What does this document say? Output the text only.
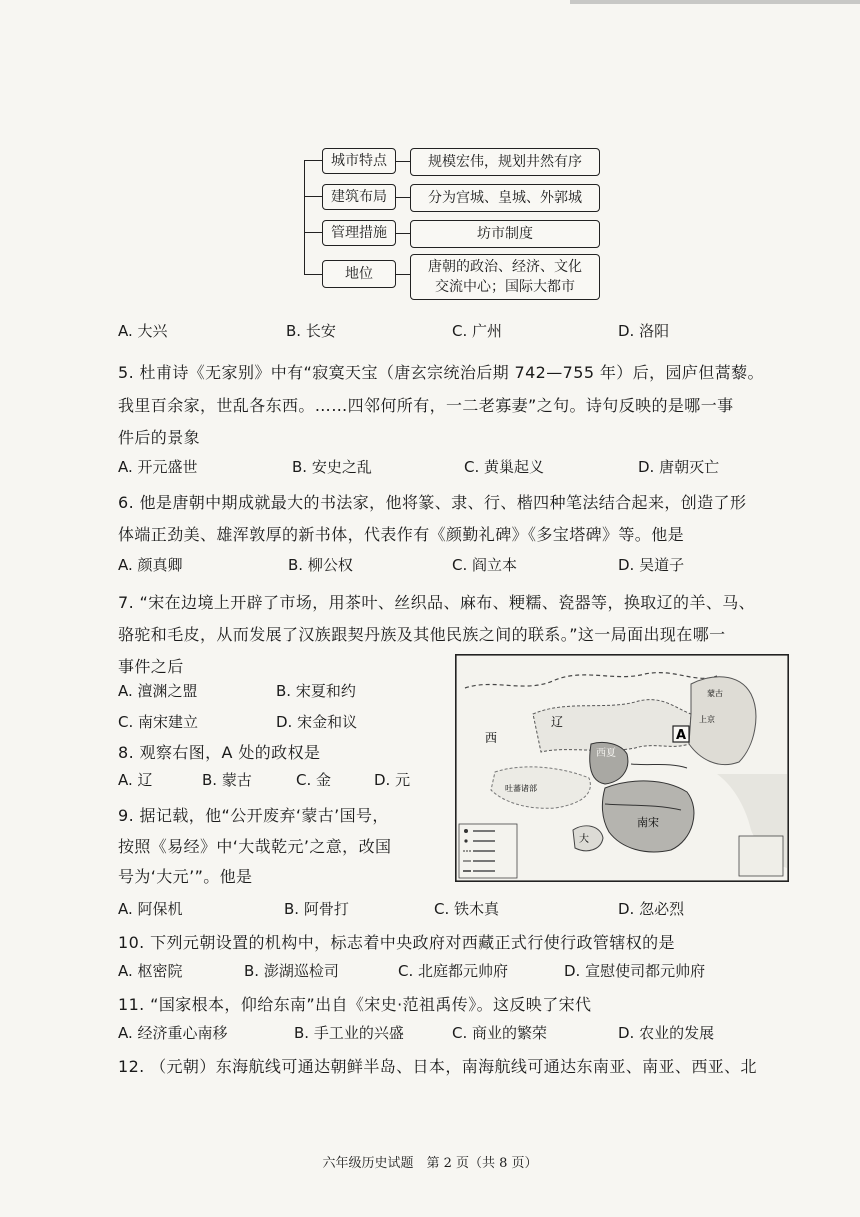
城市特点	规模宏伟，规划井然有序
建筑布局	分为宫城、皇城、外郭城
管理措施	坊市制度
地位	唐朝的政治、经济、文化
交流中心；国际大都市
A. 大兴	B. 长安	C. 广州	D. 洛阳
5. 杜甫诗《无家别》中有“寂寞天宝（唐玄宗统治后期 742—755 年）后，园庐但蒿藜。
我里百余家，世乱各东西。……四邻何所有，一二老寡妻”之句。诗句反映的是哪一事
件后的景象
A. 开元盛世	B. 安史之乱	C. 黄巢起义	D. 唐朝灭亡
6. 他是唐朝中期成就最大的书法家，他将篆、隶、行、楷四种笔法结合起来，创造了形
体端正劲美、雄浑敦厚的新书体，代表作有《颜勤礼碑》《多宝塔碑》等。他是
A. 颜真卿	B. 柳公权	C. 阎立本	D. 吴道子
7. “宋在边境上开辟了市场，用茶叶、丝织品、麻布、粳糯、瓷器等，换取辽的羊、马、
骆驼和毛皮，从而发展了汉族跟契丹族及其他民族之间的联系。”这一局面出现在哪一
事件之后
A. 澶渊之盟	B. 宋夏和约
C. 南宋建立	D. 宋金和议
8. 观察右图，A 处的政权是
A. 辽	B. 蒙古	C. 金	D. 元
9. 据记载，他“公开废弃‘蒙古’国号，
按照《易经》中‘大哉乾元’之意，改国
号为‘大元’”。他是
A. 阿保机	B. 阿骨打	C. 铁木真	D. 忽必烈
辽
西
西夏
南宋
大
吐蕃诸部
蒙古
上京
A
10. 下列元朝设置的机构中，标志着中央政府对西藏正式行使行政管辖权的是
A. 枢密院	B. 澎湖巡检司	C. 北庭都元帅府	D. 宣慰使司都元帅府
11. “国家根本，仰给东南”出自《宋史·范祖禹传》。这反映了宋代
A. 经济重心南移	B. 手工业的兴盛	C. 商业的繁荣	D. 农业的发展
12. （元朝）东海航线可通达朝鲜半岛、日本，南海航线可通达东南亚、南亚、西亚、北
六年级历史试题　第 2 页（共 8 页）
